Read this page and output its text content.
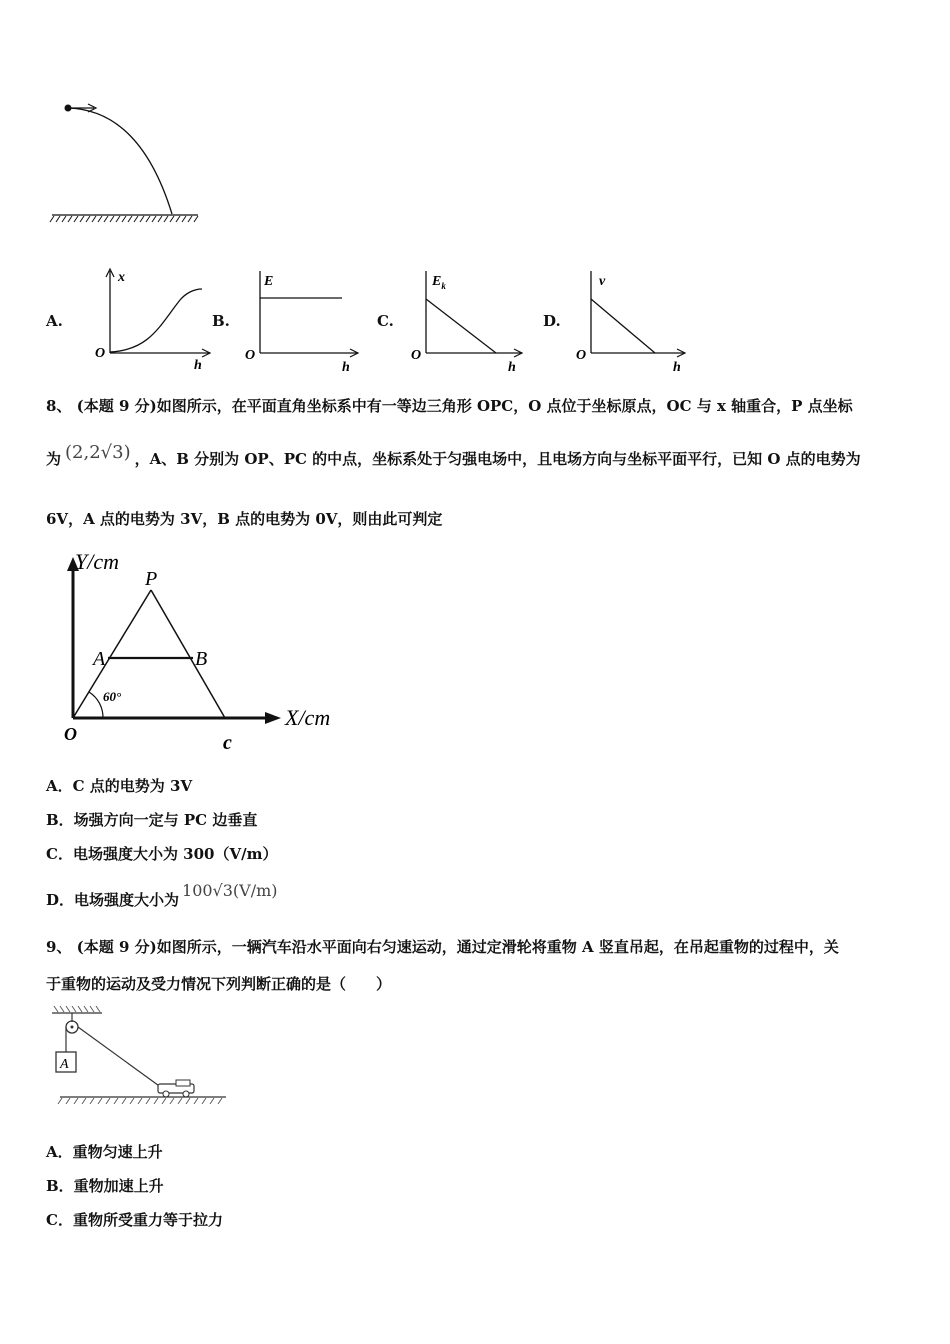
A.	B.	C.	D.
x
O
h
E
O
h
$E_k$
O
h
v
O
h
8、 (本题 9 分)如图所示，在平面直角坐标系中有一等边三角形 OPC，O 点位于坐标原点，OC 与 x 轴重合，P 点坐标
为 (2,2√3) ，A、B 分别为 OP、PC 的中点，坐标系处于匀强电场中，且电场方向与坐标平面平行，已知 O 点的电势为
6V，A 点的电势为 3V，B 点的电势为 0V，则由此可判定
Y/cm
X/cm
P
A	B
O	c
60°
A．C 点的电势为 3V
B．场强方向一定与 PC 边垂直
C．电场强度大小为 300（V/m）
D．电场强度大小为 100√3(V/m)
9、 (本题 9 分)如图所示，一辆汽车沿水平面向右匀速运动，通过定滑轮将重物 A 竖直吊起，在吊起重物的过程中，关
于重物的运动及受力情况下列判断正确的是（　　）
A
A．重物匀速上升
B．重物加速上升
C．重物所受重力等于拉力
